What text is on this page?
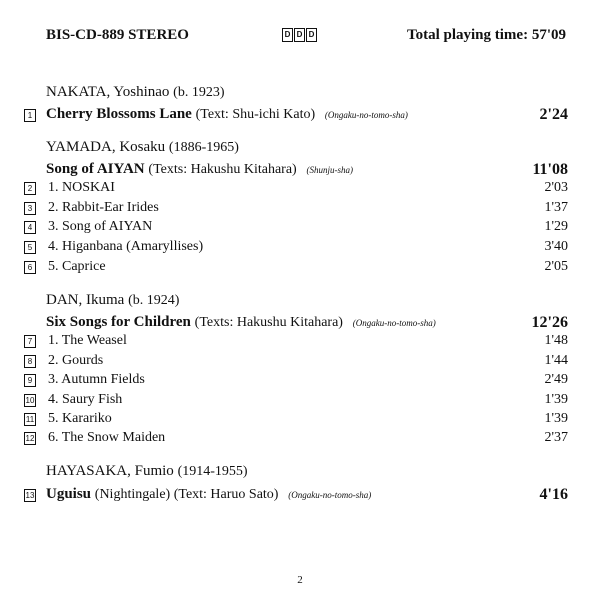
BIS-CD-889 STEREO	D D D	Total playing time: 57'09
NAKATA, Yoshinao (b. 1923)
1 Cherry Blossoms Lane (Text: Shu-ichi Kato) (Ongaku-no-tomo-sha)	2'24
YAMADA, Kosaku (1886-1965)
Song of AIYAN (Texts: Hakushu Kitahara) (Shunju-sha)	11'08
2 1. NOSKAI	2'03
3 2. Rabbit-Ear Irides	1'37
4 3. Song of AIYAN	1'29
5 4. Higanbana (Amaryllises)	3'40
6 5. Caprice	2'05
DAN, Ikuma (b. 1924)
Six Songs for Children (Texts: Hakushu Kitahara) (Ongaku-no-tomo-sha)	12'26
7 1. The Weasel	1'48
8 2. Gourds	1'44
9 3. Autumn Fields	2'49
10 4. Saury Fish	1'39
11 5. Karariko	1'39
12 6. The Snow Maiden	2'37
HAYASAKA, Fumio (1914-1955)
13 Uguisu (Nightingale) (Text: Haruo Sato) (Ongaku-no-tomo-sha)	4'16
2
